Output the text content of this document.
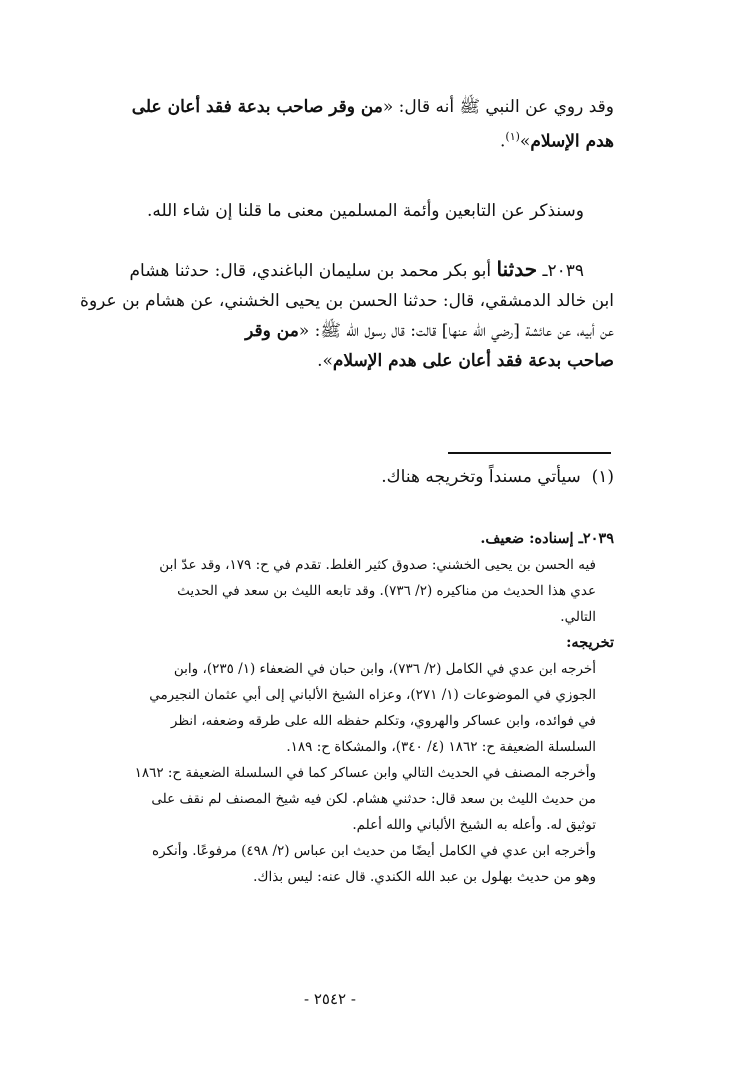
وقد روي عن النبي ﷺ أنه قال: «من وقر صاحب بدعة فقد أعان على
هدم الإسلام»$^{(١)}$.
وسنذكر عن التابعين وأئمة المسلمين معنى ما قلنا إن شاء الله.
٢٠٣٩ـ حدثنا أبو بكر محمد بن سليمان الباغندي، قال: حدثنا هشام
ابن خالد الدمشقي، قال: حدثنا الحسن بن يحيى الخشني، عن هشام بن عروة
عن أبيه، عن عائشة [رضي الله عنها] قالت: قال رسول الله ﷺ: «من وقر
صاحب بدعة فقد أعان على هدم الإسلام».
(١)  سيأتي مسنداً وتخريجه هناك.
٢٠٣٩ـ إسناده: ضعيف.
فيه الحسن بن يحيى الخشني: صدوق كثير الغلط. تقدم في ح: ١٧٩، وقد عدّ ابن
عدي هذا الحديث من مناكيره (٢/ ٧٣٦). وقد تابعه الليث بن سعد في الحديث
التالي.
تخريجه:
أخرجه ابن عدي في الكامل (٢/ ٧٣٦)، وابن حبان في الضعفاء (١/ ٢٣٥)، وابن
الجوزي في الموضوعات (١/ ٢٧١)، وعزاه الشيخ الألباني إلى أبي عثمان النجيرمي
في فوائده، وابن عساكر والهروي، وتكلم حفظه الله على طرقه وضعفه، انظر
السلسلة الضعيفة ح: ١٨٦٢ (٤/ ٣٤٠)، والمشكاة ح: ١٨٩.
وأخرجه المصنف في الحديث التالي وابن عساكر كما في السلسلة الضعيفة ح: ١٨٦٢
من حديث الليث بن سعد قال: حدثني هشام. لكن فيه شيخ المصنف لم نقف على
توثيق له. وأعله به الشيخ الألباني والله أعلم.
وأخرجه ابن عدي في الكامل أيضًا من حديث ابن عباس (٢/ ٤٩٨) مرفوعًا. وأنكره
وهو من حديث بهلول بن عبد الله الكندي. قال عنه: ليس بذاك.
- ٢٥٤٢ -
